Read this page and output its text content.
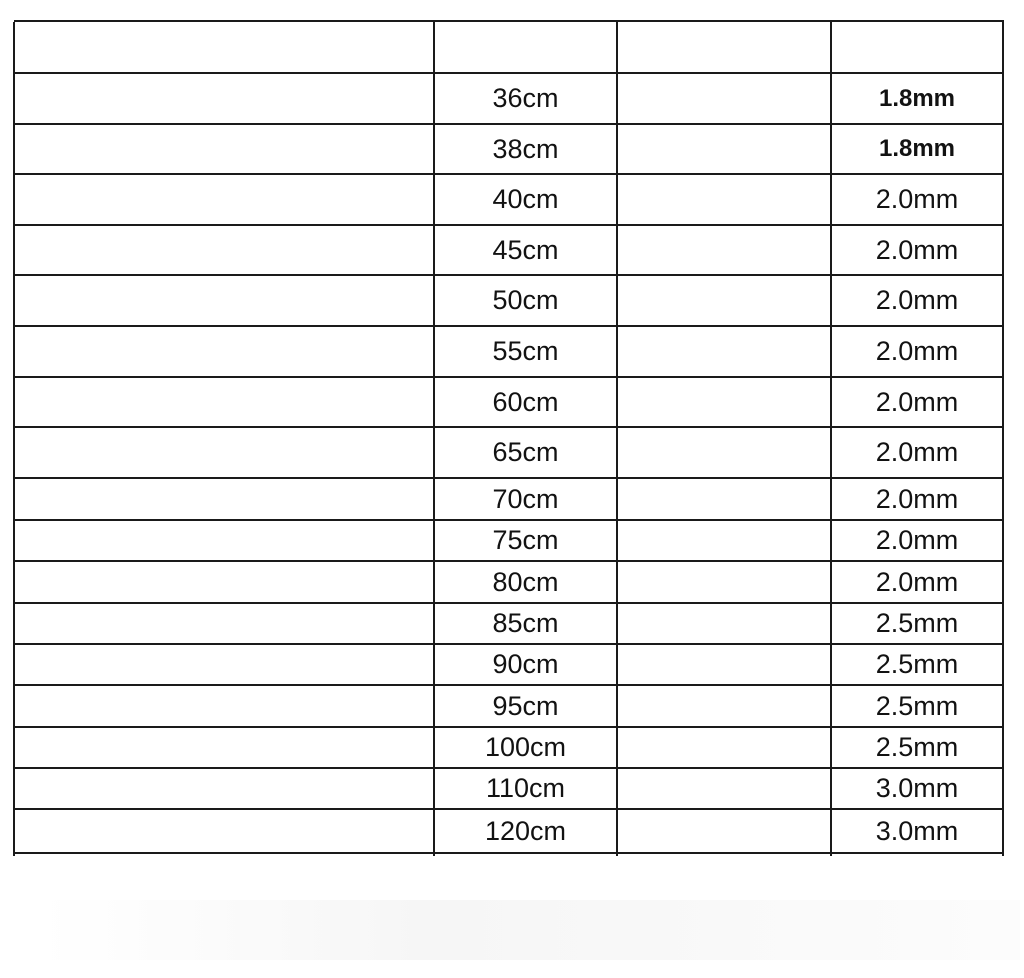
36cm	1.8mm
38cm	1.8mm
40cm	2.0mm
45cm	2.0mm
50cm	2.0mm
55cm	2.0mm
60cm	2.0mm
65cm	2.0mm
70cm	2.0mm
75cm	2.0mm
80cm	2.0mm
85cm	2.5mm
90cm	2.5mm
95cm	2.5mm
100cm	2.5mm
110cm	3.0mm
120cm	3.0mm
